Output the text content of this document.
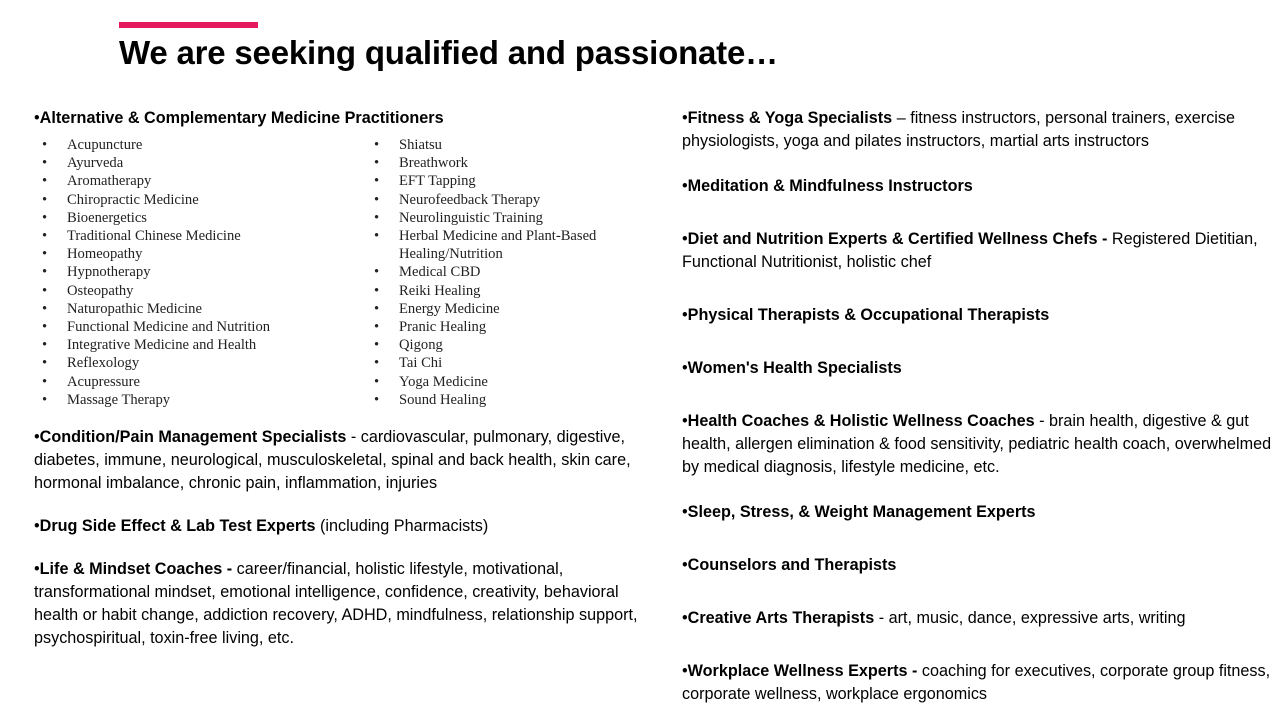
We are seeking qualified and passionate…

•Alternative & Complementary Medicine Practitioners

• Acupuncture
• Ayurveda
• Aromatherapy
• Chiropractic Medicine
• Bioenergetics
• Traditional Chinese Medicine
• Homeopathy
• Hypnotherapy
• Osteopathy
• Naturopathic Medicine
• Functional Medicine and Nutrition
• Integrative Medicine and Health
• Reflexology
• Acupressure
• Massage Therapy
• Shiatsu
• Breathwork
• EFT Tapping
• Neurofeedback Therapy
• Neurolinguistic Training
• Herbal Medicine and Plant-Based Healing/Nutrition
• Medical CBD
• Reiki Healing
• Energy Medicine
• Pranic Healing
• Qigong
• Tai Chi
• Yoga Medicine
• Sound Healing

•Condition/Pain Management Specialists - cardiovascular, pulmonary, digestive, diabetes, immune, neurological, musculoskeletal, spinal and back health, skin care, hormonal imbalance, chronic pain, inflammation, injuries

•Drug Side Effect & Lab Test Experts (including Pharmacists)

•Life & Mindset Coaches - career/financial, holistic lifestyle, motivational, transformational mindset, emotional intelligence, confidence, creativity, behavioral health or habit change, addiction recovery, ADHD, mindfulness, relationship support, psychospiritual, toxin-free living, etc.

•Fitness & Yoga Specialists – fitness instructors, personal trainers, exercise physiologists, yoga and pilates instructors, martial arts instructors

•Meditation & Mindfulness Instructors

•Diet and Nutrition Experts & Certified Wellness Chefs - Registered Dietitian, Functional Nutritionist, holistic chef

•Physical Therapists & Occupational Therapists

•Women's Health Specialists

•Health Coaches & Holistic Wellness Coaches - brain health, digestive & gut health, allergen elimination & food sensitivity, pediatric health coach, overwhelmed by medical diagnosis, lifestyle medicine, etc.

•Sleep, Stress, & Weight Management Experts

•Counselors and Therapists

•Creative Arts Therapists - art, music, dance, expressive arts, writing

•Workplace Wellness Experts - coaching for executives, corporate group fitness, corporate wellness, workplace ergonomics
